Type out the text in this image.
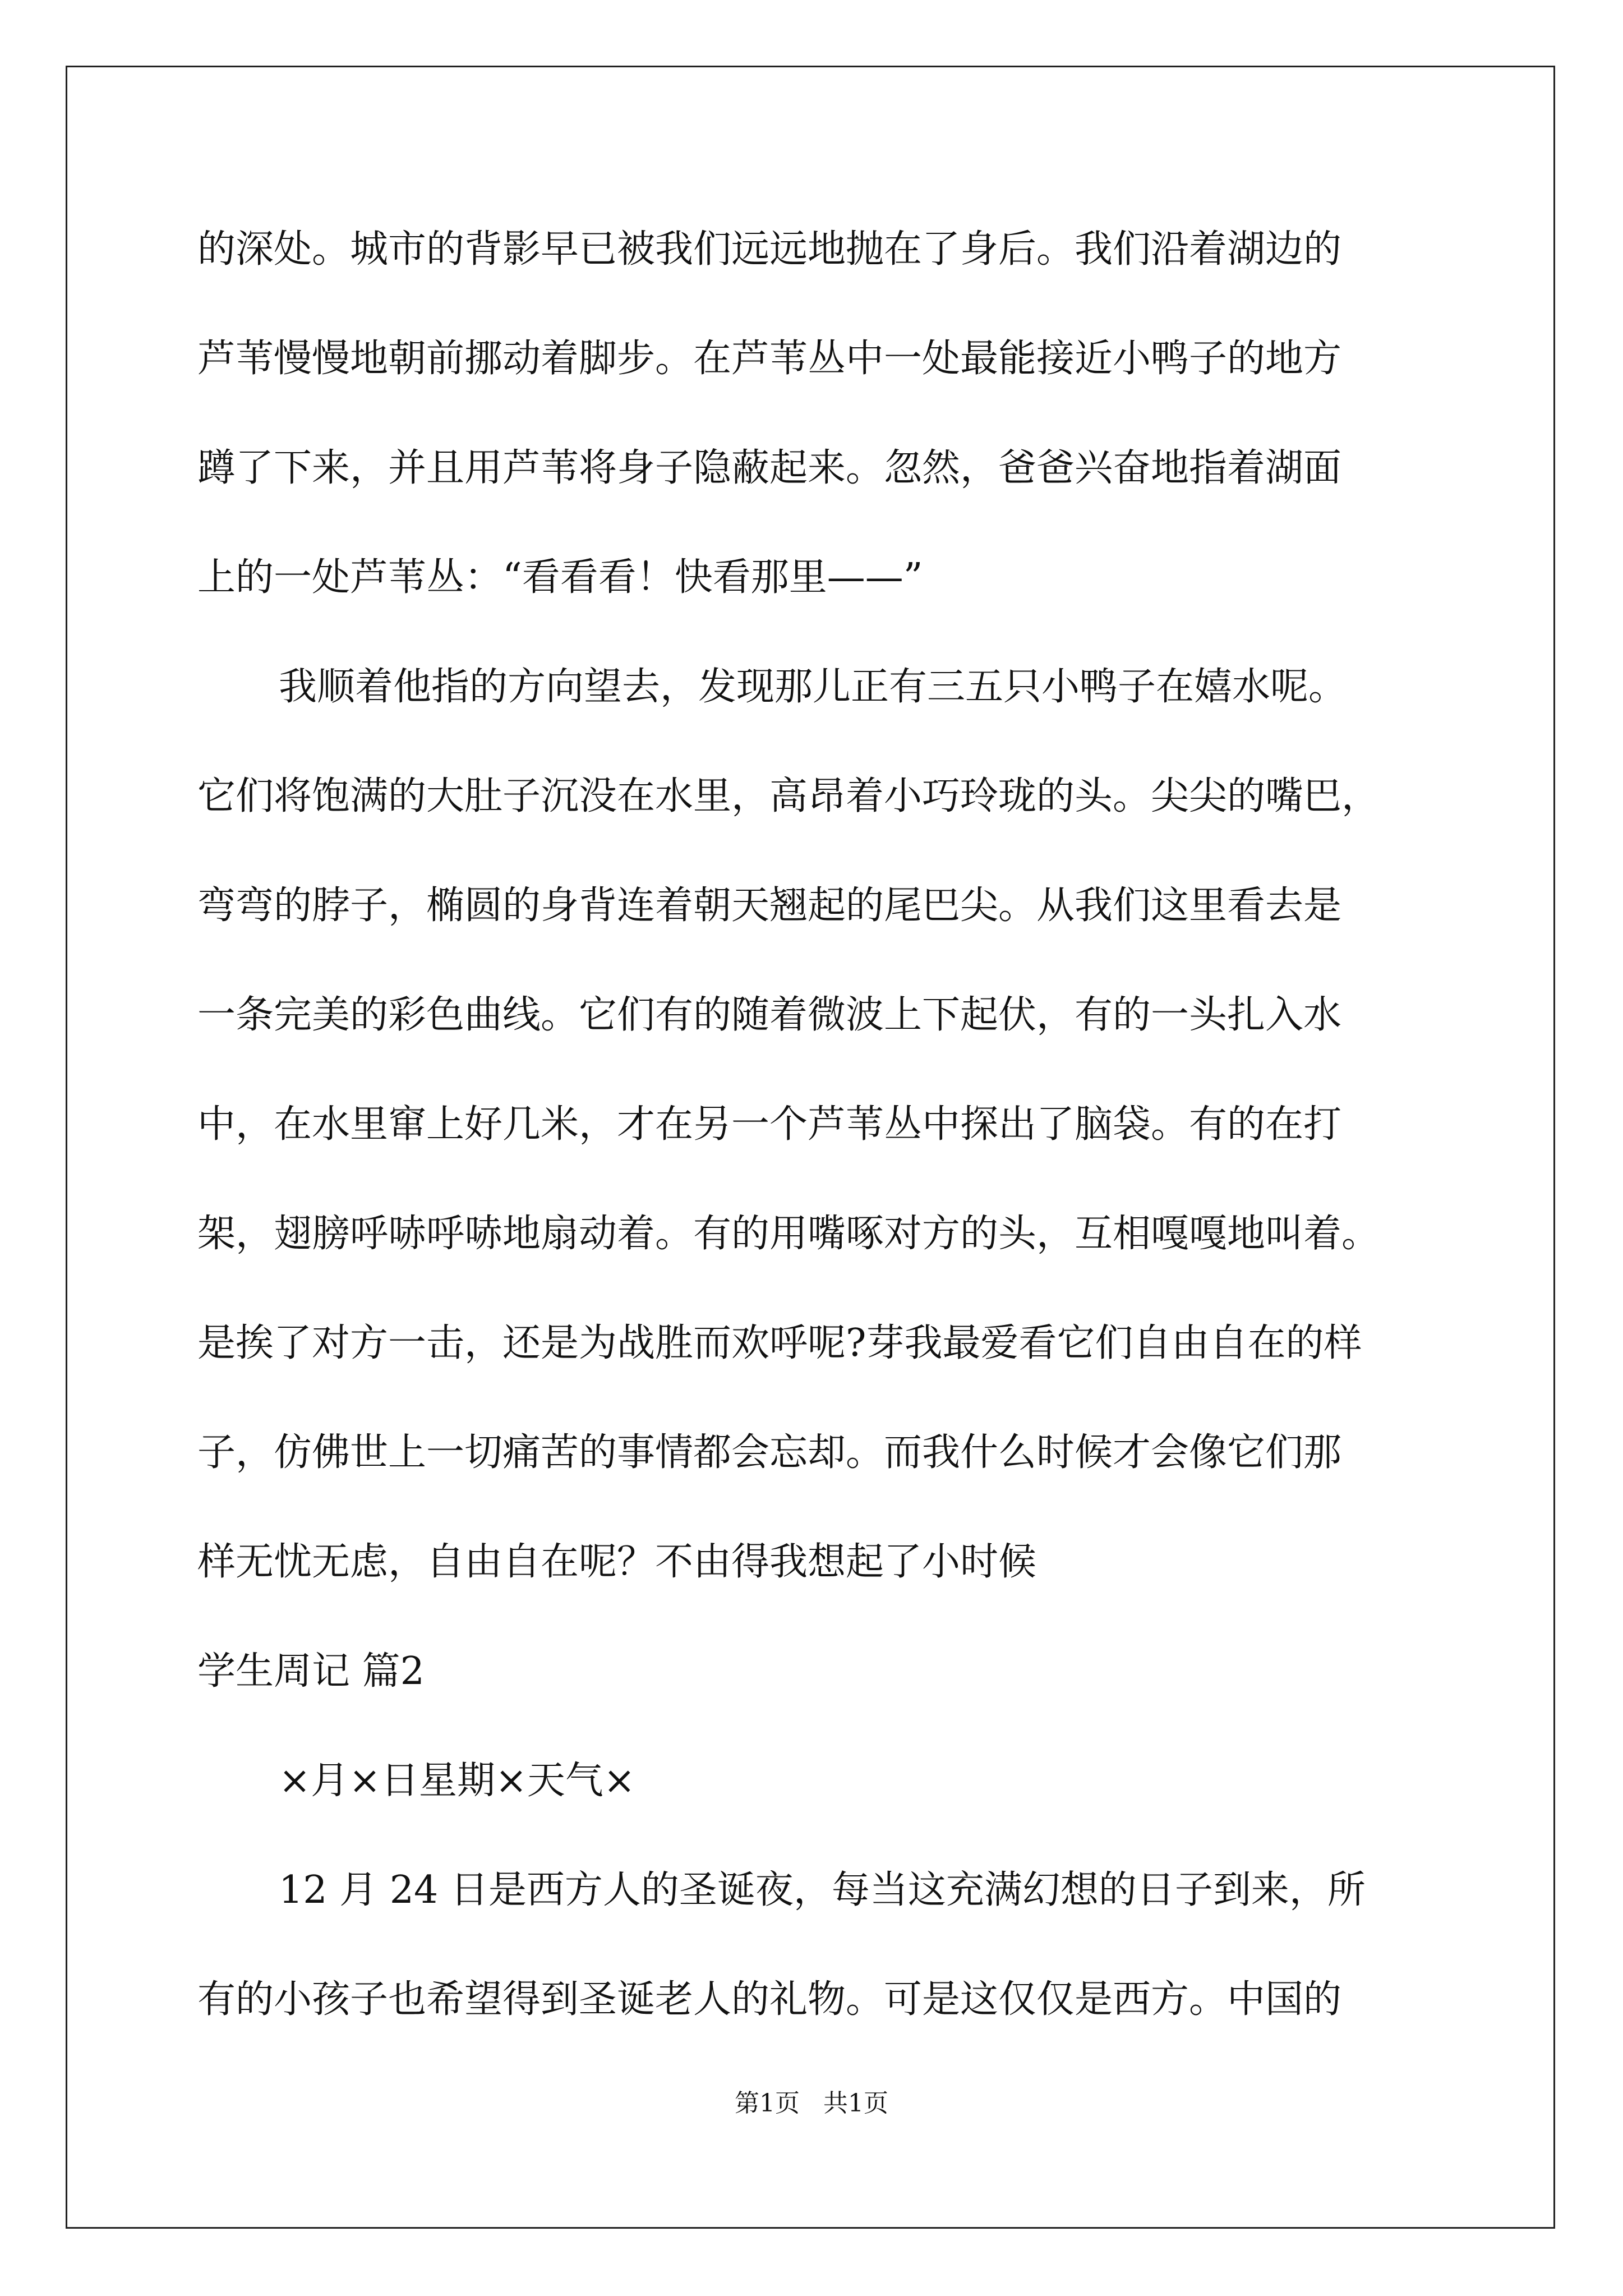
的深处。城市的背影早已被我们远远地抛在了身后。我们沿着湖边的
芦苇慢慢地朝前挪动着脚步。在芦苇丛中一处最能接近小鸭子的地方
蹲了下来，并且用芦苇将身子隐蔽起来。忽然，爸爸兴奋地指着湖面
上的一处芦苇丛：“看看看！快看那里——”
我顺着他指的方向望去，发现那儿正有三五只小鸭子在嬉水呢。
它们将饱满的大肚子沉没在水里，高昂着小巧玲珑的头。尖尖的嘴巴，
弯弯的脖子，椭圆的身背连着朝天翘起的尾巴尖。从我们这里看去是
一条完美的彩色曲线。它们有的随着微波上下起伏，有的一头扎入水
中，在水里窜上好几米，才在另一个芦苇丛中探出了脑袋。有的在打
架，翅膀呼哧呼哧地扇动着。有的用嘴啄对方的头，互相嘎嘎地叫着。
是挨了对方一击，还是为战胜而欢呼呢?芽我最爱看它们自由自在的样
子，仿佛世上一切痛苦的事情都会忘却。而我什么时候才会像它们那
样无忧无虑，自由自在呢？不由得我想起了小时候
学生周记 篇2
×月×日星期×天气×
12 月 24 日是西方人的圣诞夜，每当这充满幻想的日子到来，所
有的小孩子也希望得到圣诞老人的礼物。可是这仅仅是西方。中国的
第1页   共1页
